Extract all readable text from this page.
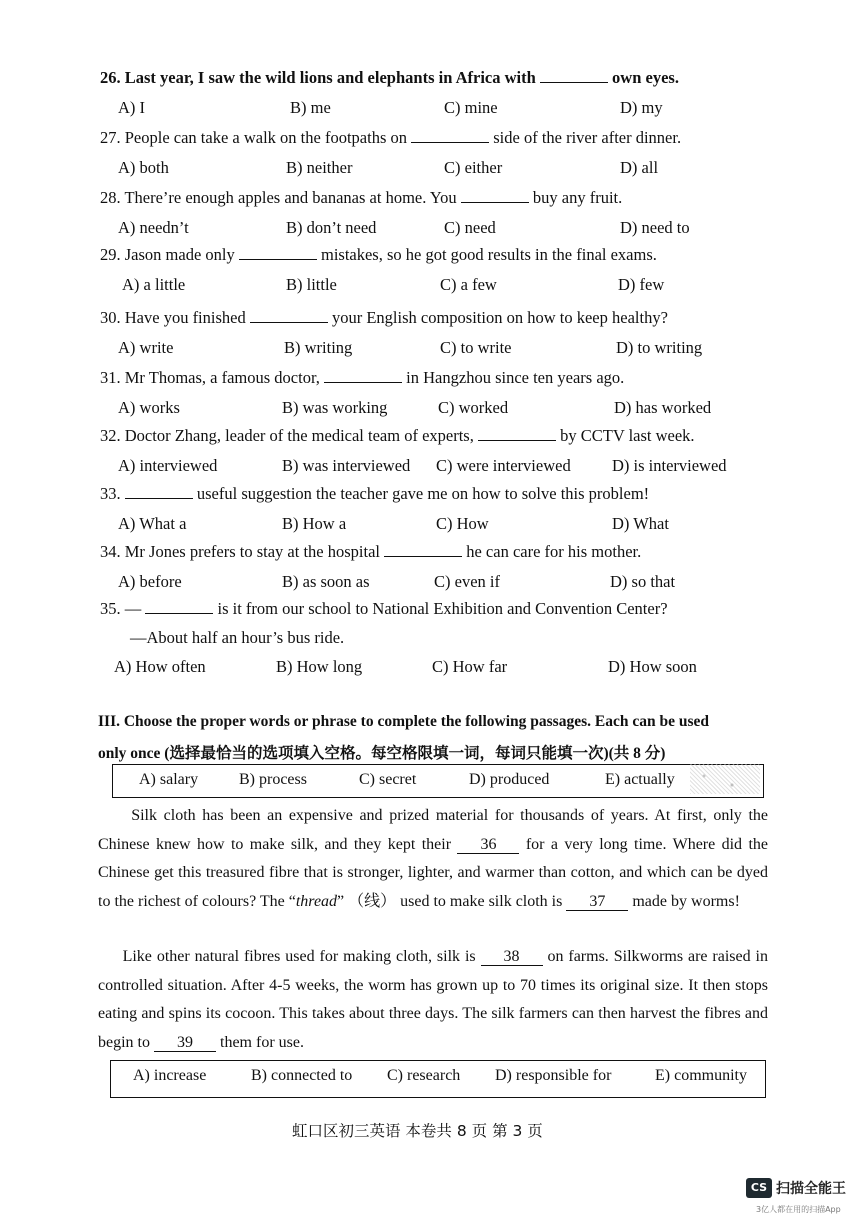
26. Last year, I saw the wild lions and elephants in Africa with	own eyes.
A) I	B) me	C) mine	D) my
27. People can take a walk on the footpaths on	side of the river after dinner.
A) both	B) neither	C) either	D) all
28. There’re enough apples and bananas at home. You	buy any fruit.
A) needn’t	B) don’t need	C) need	D) need to
29. Jason made only	mistakes, so he got good results in the final exams.
A) a little	B) little	C) a few	D) few
30. Have you finished	your English composition on how to keep healthy?
A) write	B) writing	C) to write	D) to writing
31. Mr Thomas, a famous doctor,	in Hangzhou since ten years ago.
A) works	B) was working	C) worked	D) has worked
32. Doctor Zhang, leader of the medical team of experts,	by CCTV last week.
A) interviewed	B) was interviewed C) were interviewed	D) is interviewed
33.	useful suggestion the teacher gave me on how to solve this problem!
A) What a	B) How a	C) How	D) What
34. Mr Jones prefers to stay at the hospital	he can care for his mother.
A) before	B) as soon as	C) even if	D) so that
35. —	is it from our school to National Exhibition and Convention Center?
—About half an hour’s bus ride.
A) How often	B) How long	C) How far	D) How soon
III. Choose the proper words or phrase to complete the following passages. Each can be used
only once (选择最恰当的选项填入空格。每空格限填一词，每词只能填一次)(共 8 分)
A) salary	B) process	C) secret	D) produced	E) actually
Silk cloth has been an expensive and prized material for thousands of years. At first, only the Chinese knew how to make silk, and they kept their 36 for a very long time. Where did the Chinese get this treasured fibre that is stronger, lighter, and warmer than cotton, and which can be dyed to the richest of colours? The “thread” （线） used to make silk cloth is 37 made by worms!
Like other natural fibres used for making cloth, silk is 38 on farms. Silkworms are raised in controlled situation. After 4-5 weeks, the worm has grown up to 70 times its original size. It then stops eating and spins its cocoon. This takes about three days. The silk farmers can then harvest the fibres and begin to 39 them for use.
A) increase	B) connected to C) research D) responsible for	E) community
虹口区初三英语 本卷共 8 页 第 3 页
CS 扫描全能王
3亿人都在用的扫描App
